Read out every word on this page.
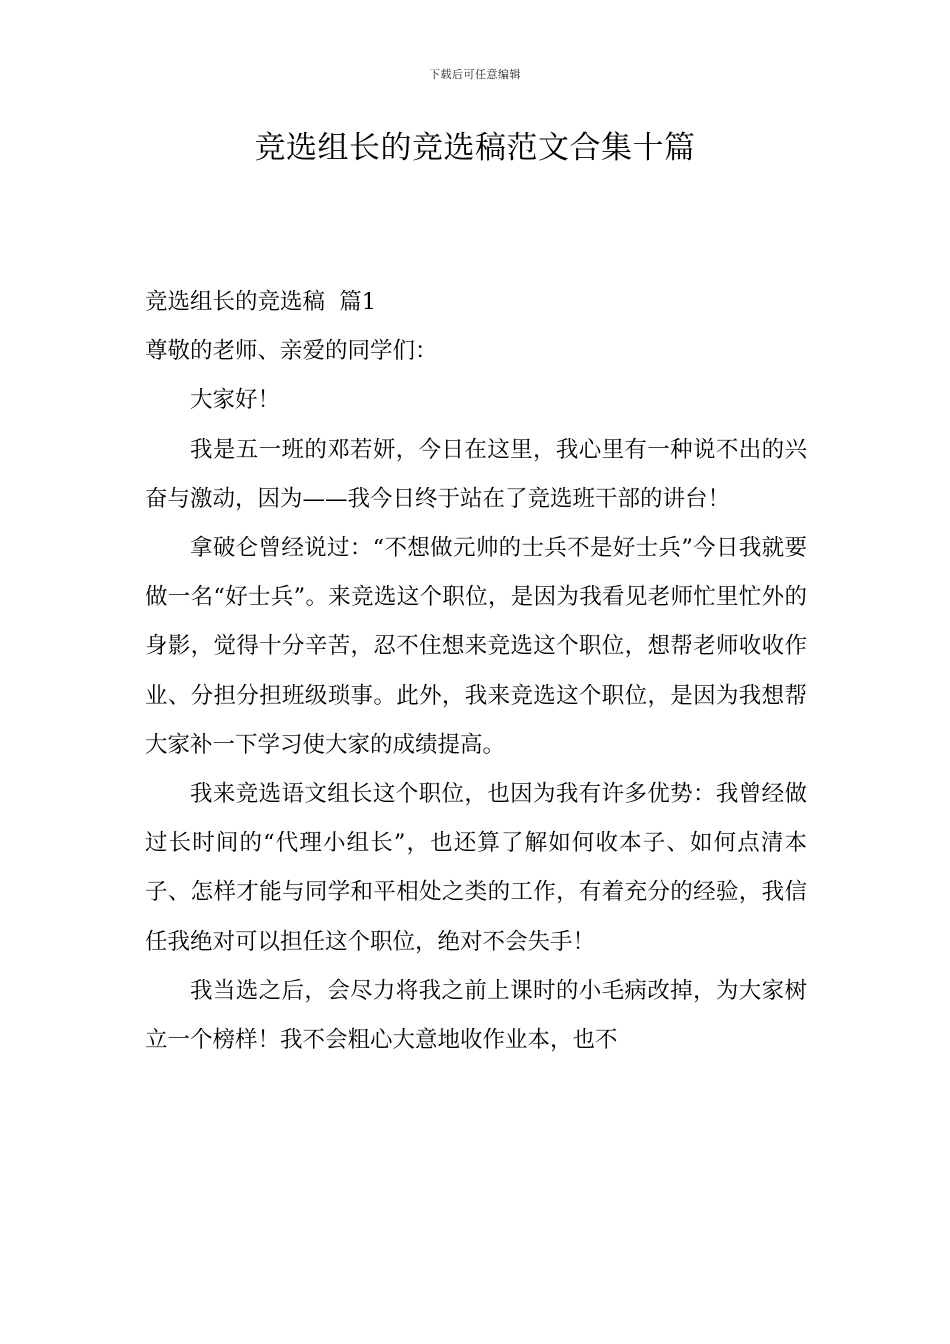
下载后可任意编辑
竞选组长的竞选稿范文合集十篇

竞选组长的竞选稿  篇1

尊敬的老师、亲爱的同学们：

大家好！

我是五一班的邓若妍，今日在这里，我心里有一种说不出的兴奋与激动，因为——我今日终于站在了竞选班干部的讲台！

拿破仑曾经说过：“不想做元帅的士兵不是好士兵”今日我就要做一名“好士兵”。来竞选这个职位，是因为我看见老师忙里忙外的身影，觉得十分辛苦，忍不住想来竞选这个职位，想帮老师收收作业、分担分担班级琐事。此外，我来竞选这个职位，是因为我想帮大家补一下学习使大家的成绩提高。

我来竞选语文组长这个职位，也因为我有许多优势：我曾经做过长时间的“代理小组长”，也还算了解如何收本子、如何点清本子、怎样才能与同学和平相处之类的工作，有着充分的经验，我信任我绝对可以担任这个职位，绝对不会失手！

我当选之后，会尽力将我之前上课时的小毛病改掉，为大家树立一个榜样！我不会粗心大意地收作业本，也不
